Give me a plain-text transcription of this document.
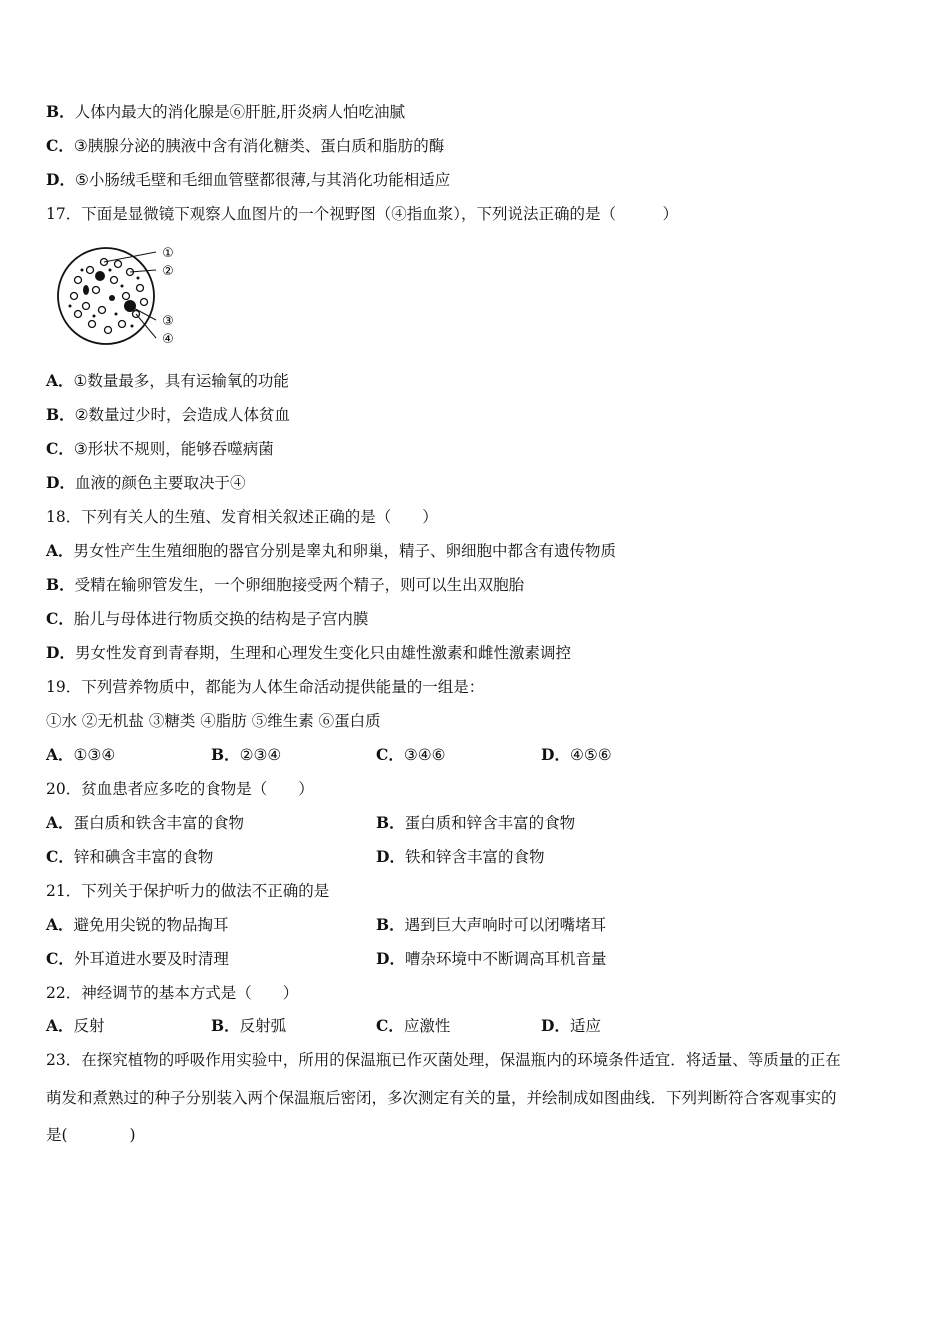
B．人体内最大的消化腺是⑥肝脏,肝炎病人怕吃油腻
C．③胰腺分泌的胰液中含有消化糖类、蛋白质和脂肪的酶
D．⑤小肠绒毛壁和毛细血管壁都很薄,与其消化功能相适应
17．下面是显微镜下观察人血图片的一个视野图（④指血浆），下列说法正确的是（　　　）
①
②
③
④
A．①数量最多，具有运输氧的功能
B．②数量过少时，会造成人体贫血
C．③形状不规则，能够吞噬病菌
D．血液的颜色主要取决于④
18．下列有关人的生殖、发育相关叙述正确的是（　　）
A．男女性产生生殖细胞的器官分别是睾丸和卵巢，精子、卵细胞中都含有遗传物质
B．受精在输卵管发生，一个卵细胞接受两个精子，则可以生出双胞胎
C．胎儿与母体进行物质交换的结构是子宫内膜
D．男女性发育到青春期，生理和心理发生变化只由雄性激素和雌性激素调控
19．下列营养物质中，都能为人体生命活动提供能量的一组是：
①水 ②无机盐 ③糖类 ④脂肪 ⑤维生素 ⑥蛋白质
A．①③④	B．②③④	C．③④⑥	D．④⑤⑥
20．贫血患者应多吃的食物是（　　）
A．蛋白质和铁含丰富的食物	B．蛋白质和锌含丰富的食物
C．锌和碘含丰富的食物	D．铁和锌含丰富的食物
21．下列关于保护听力的做法不正确的是
A．避免用尖锐的物品掏耳	B．遇到巨大声响时可以闭嘴堵耳
C．外耳道进水要及时清理	D．嘈杂环境中不断调高耳机音量
22．神经调节的基本方式是（　　）
A．反射	B．反射弧	C．应激性	D．适应
23．在探究植物的呼吸作用实验中，所用的保温瓶已作灭菌处理，保温瓶内的环境条件适宜．将适量、等质量的正在
萌发和煮熟过的种子分别装入两个保温瓶后密闭，多次测定有关的量，并绘制成如图曲线．下列判断符合客观事实的
是(　　　　)
